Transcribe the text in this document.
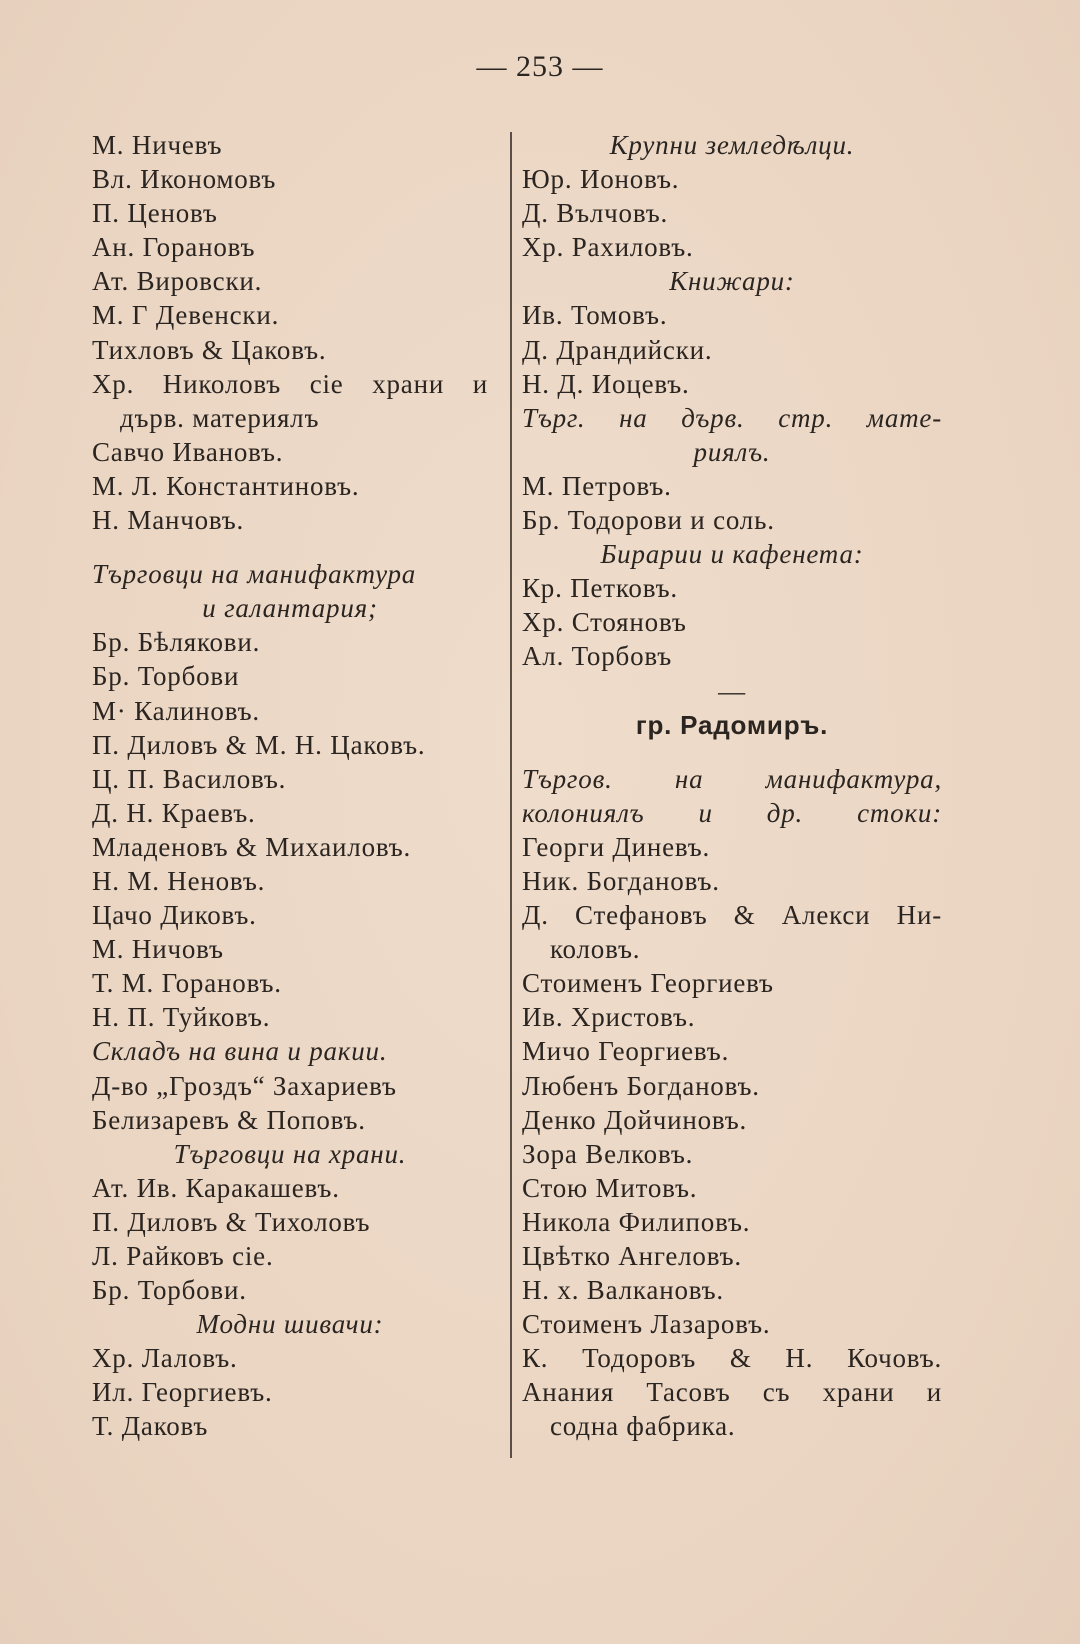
— 253 —
М. Ничевъ
Вл. Икономовъ
П. Ценовъ
Ан. Горановъ
Ат. Вировски.
М. Г Девенски.
Тихловъ & Цаковъ.
Хр. Николовъ сіе храни и
дърв. материялъ
Савчо Ивановъ.
М. Л. Константиновъ.
Н. Манчовъ.
Търговци на манифактура
и галантария;
Бр. Бѣлякови.
Бр. Торбови
М· Калиновъ.
П. Диловъ & М. Н. Цаковъ.
Ц. П. Василовъ.
Д. Н. Краевъ.
Младеновъ & Михаиловъ.
Н. М. Неновъ.
Цачо Диковъ.
М. Ничовъ
Т. М. Горановъ.
Н. П. Туйковъ.
Складъ на вина и ракии.
Д-во „Гроздъ“ Захариевъ
Белизаревъ & Поповъ.
Търговци на храни.
Ат. Ив. Каракашевъ.
П. Диловъ & Тихоловъ
Л. Райковъ сіе.
Бр. Торбови.
Модни шивачи:
Хр. Лаловъ.
Ил. Георгиевъ.
Т. Даковъ
Крупни земледѣлци.
Юр. Ионовъ.
Д. Вълчовъ.
Хр. Рахиловъ.
Книжари:
Ив. Томовъ.
Д. Драндийски.
Н. Д. Иоцевъ.
Търг. на дърв. стр. мате-
риялъ.
М. Петровъ.
Бр. Тодорови и соль.
Бирарии и кафенета:
Кр. Петковъ.
Хр. Стояновъ
Ал. Торбовъ
—
гр. Радомиръ.
Търгов. на манифактура,
колониялъ и др. стоки:
Георги Диневъ.
Ник. Богдановъ.
Д. Стефановъ & Алекси Ни-
коловъ.
Стоименъ Георгиевъ
Ив. Христовъ.
Мичо Георгиевъ.
Любенъ Богдановъ.
Денко Дойчиновъ.
Зора Велковъ.
Стою Митовъ.
Никола Филиповъ.
Цвѣтко Ангеловъ.
Н. х. Валкановъ.
Стоименъ Лазаровъ.
К. Тодоровъ & Н. Кочовъ.
Анания Тасовъ съ храни и
содна фабрика.
